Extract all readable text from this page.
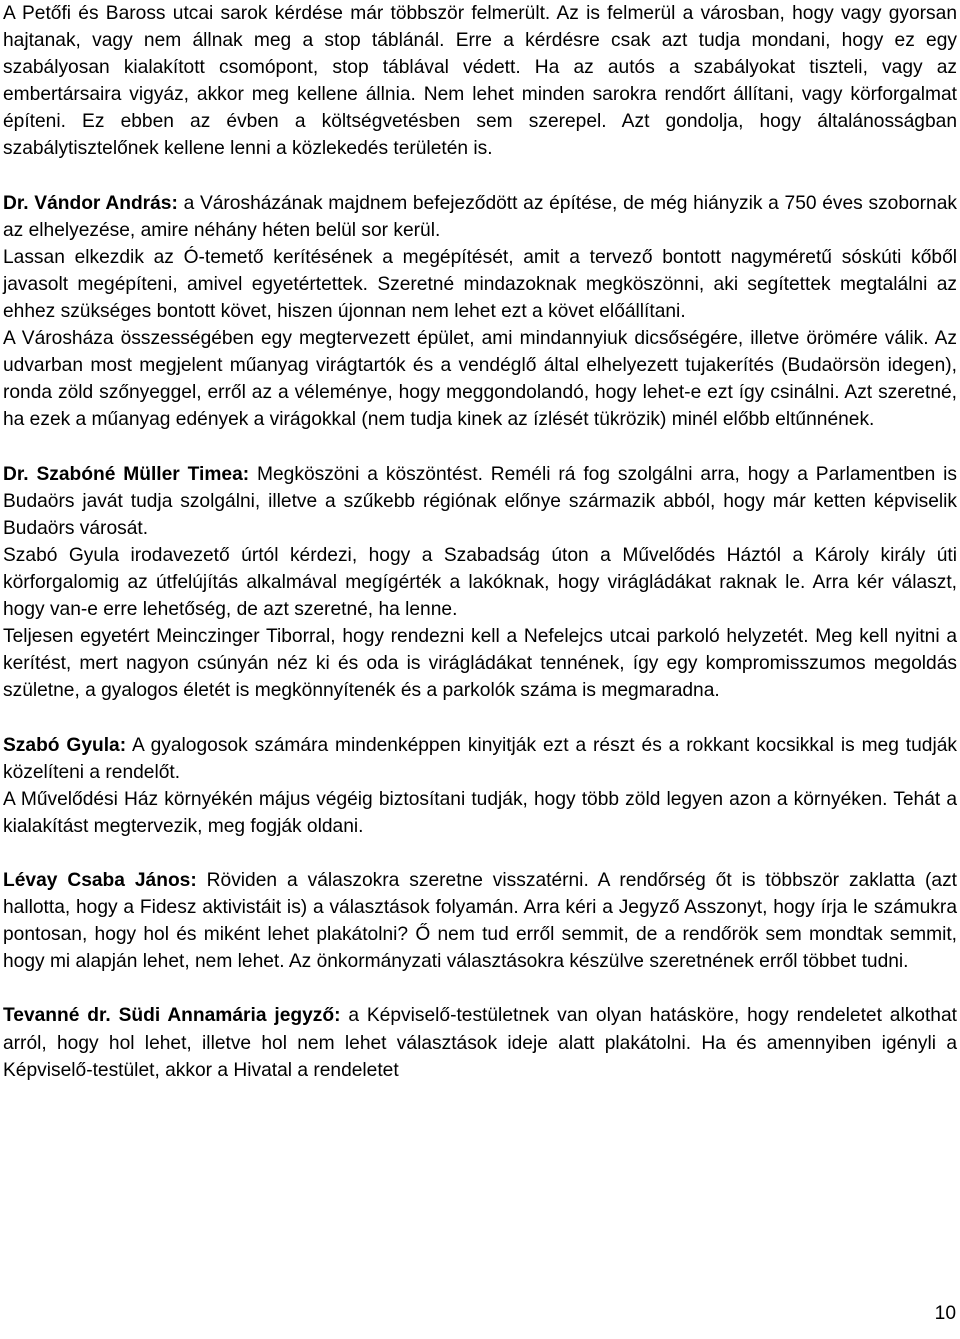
A Petőfi és Baross utcai sarok kérdése már többször felmerült. Az is felmerül a városban, hogy vagy gyorsan hajtanak, vagy nem állnak meg a stop táblánál. Erre a kérdésre csak azt tudja mondani, hogy ez egy szabályosan kialakított csomópont, stop táblával védett. Ha az autós a szabályokat tiszteli, vagy az embertársaira vigyáz, akkor meg kellene állnia. Nem lehet minden sarokra rendőrt állítani, vagy körforgalmat építeni. Ez ebben az évben a költségvetésben sem szerepel. Azt gondolja, hogy általánosságban szabálytisztelőnek kellene lenni a közlekedés területén is.

Dr. Vándor András: a Városházának majdnem befejeződött az építése, de még hiányzik a 750 éves szobornak az elhelyezése, amire néhány héten belül sor kerül.

Lassan elkezdik az Ó-temető kerítésének a megépítését, amit a tervező bontott nagyméretű sóskúti kőből javasolt megépíteni, amivel egyetértettek. Szeretné mindazoknak megköszönni, aki segítettek megtalálni az ehhez szükséges bontott követ, hiszen újonnan nem lehet ezt a követ előállítani.

A Városháza összességében egy megtervezett épület, ami mindannyiuk dicsőségére, illetve örömére válik. Az udvarban most megjelent műanyag virágtartók és a vendéglő által elhelyezett tujakerítés (Budaörsön idegen), ronda zöld szőnyeggel, erről az a véleménye, hogy meggondolandó, hogy lehet-e ezt így csinálni. Azt szeretné, ha ezek a műanyag edények a virágokkal (nem tudja kinek az ízlését tükrözik) minél előbb eltűnnének.

Dr. Szabóné Müller Timea: Megköszöni a köszöntést. Reméli rá fog szolgálni arra, hogy a Parlamentben is Budaörs javát tudja szolgálni, illetve a szűkebb régiónak előnye származik abból, hogy már ketten képviselik Budaörs városát.

Szabó Gyula irodavezető úrtól kérdezi, hogy a Szabadság úton a Művelődés Háztól a Károly király úti körforgalomig az útfelújítás alkalmával megígérték a lakóknak, hogy virágládákat raknak le. Arra kér választ, hogy van-e erre lehetőség, de azt szeretné, ha lenne.

Teljesen egyetért Meinczinger Tiborral, hogy rendezni kell a Nefelejcs utcai parkoló helyzetét. Meg kell nyitni a kerítést, mert nagyon csúnyán néz ki és oda is virágládákat tennének, így egy kompromisszumos megoldás születne, a gyalogos életét is megkönnyítenék és a parkolók száma is megmaradna.

Szabó Gyula: A gyalogosok számára mindenképpen kinyitják ezt a részt és a rokkant kocsikkal is meg tudják közelíteni a rendelőt.

A Művelődési Ház környékén május végéig biztosítani tudják, hogy több zöld legyen azon a környéken. Tehát a kialakítást megtervezik, meg fogják oldani.

Lévay Csaba János: Röviden a válaszokra szeretne visszatérni. A rendőrség őt is többször zaklatta (azt hallotta, hogy a Fidesz aktivistáit is) a választások folyamán. Arra kéri a Jegyző Asszonyt, hogy írja le számukra pontosan, hogy hol és miként lehet plakátolni? Ő nem tud erről semmit, de a rendőrök sem mondtak semmit, hogy mi alapján lehet, nem lehet. Az önkormányzati választásokra készülve szeretnének erről többet tudni.

Tevanné dr. Südi Annamária jegyző: a Képviselő-testületnek van olyan hatásköre, hogy rendeletet alkothat arról, hogy hol lehet, illetve hol nem lehet választások ideje alatt plakátolni. Ha és amennyiben igényli a Képviselő-testület, akkor a Hivatal a rendeletet

10
